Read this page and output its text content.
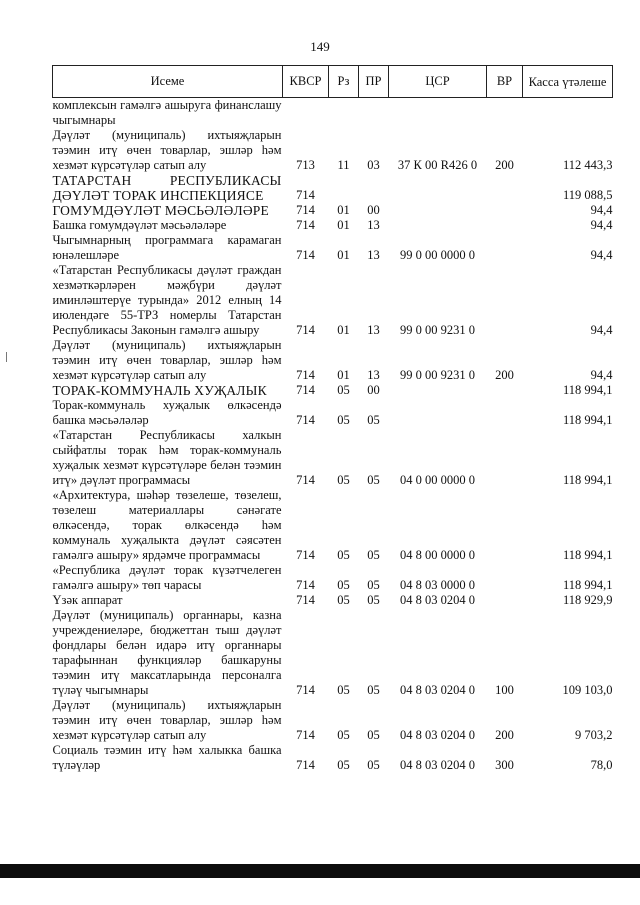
149
Исеме	КВСР	Рз	ПР	ЦСР	ВР	Касса үтәлеше
комплексын гамәлгә ашыруга финанслашу чыгымнары						
Дәүләт (муниципаль) ихтыяҗларын тәэмин итү өчен товарлар, эшләр һәм хезмәт күрсәтүләр сатып алу	713	11	03	37 К 00 R426 0	200	112 443,3
ТАТАРСТАН РЕСПУБЛИКАСЫ ДӘҮЛӘТ ТОРАК ИНСПЕКЦИЯСЕ	714					119 088,5
ГОМУМДӘҮЛӘТ МӘСЬӘЛӘЛӘРЕ	714	01	00			94,4
Башка гомумдәүләт мәсьәләләре	714	01	13			94,4
Чыгымнарның программага карамаган юнәлешләре	714	01	13	99 0 00 0000 0		94,4
«Татарстан Республикасы дәүләт граждан хезмәткәрләрен мәҗбүри дәүләт иминләштерүе турында» 2012 елның 14 июлендәге 55-ТРЗ номерлы Татарстан Республикасы Законын гамәлгә ашыру	714	01	13	99 0 00 9231 0		94,4
Дәүләт (муниципаль) ихтыяҗларын тәэмин итү өчен товарлар, эшләр һәм хезмәт күрсәтүләр сатып алу	714	01	13	99 0 00 9231 0	200	94,4
ТОРАК-КОММУНАЛЬ ХУҖАЛЫК	714	05	00			118 994,1
Торак-коммуналь хуҗалык өлкәсендә башка мәсьәләләр	714	05	05			118 994,1
«Татарстан Республикасы халкын сыйфатлы торак һәм торак-коммуналь хуҗалык хезмәт күрсәтүләре белән тәэмин итү» дәүләт программасы	714	05	05	04 0 00 0000 0		118 994,1
«Архитектура, шәһәр төзелеше, төзелеш, төзелеш материаллары сәнәгате өлкәсендә, торак өлкәсендә һәм коммуналь хуҗалыкта дәүләт сәясәтен гамәлгә ашыру» ярдәмче программасы	714	05	05	04 8 00 0000 0		118 994,1
«Республика дәүләт торак күзәтчелеген гамәлгә ашыру» төп чарасы	714	05	05	04 8 03 0000 0		118 994,1
Үзәк аппарат	714	05	05	04 8 03 0204 0		118 929,9
Дәүләт (муниципаль) органнары, казна учреждениеләре, бюджеттан тыш дәүләт фондлары белән идарә итү органнары тарафыннан функцияләр башкаруны тәэмин итү максатларында персоналга түләү чыгымнары	714	05	05	04 8 03 0204 0	100	109 103,0
Дәүләт (муниципаль) ихтыяҗларын тәэмин итү өчен товарлар, эшләр һәм хезмәт күрсәтүләр сатып алу	714	05	05	04 8 03 0204 0	200	9 703,2
Социаль тәэмин итү һәм халыкка башка түләүләр	714	05	05	04 8 03 0204 0	300	78,0
